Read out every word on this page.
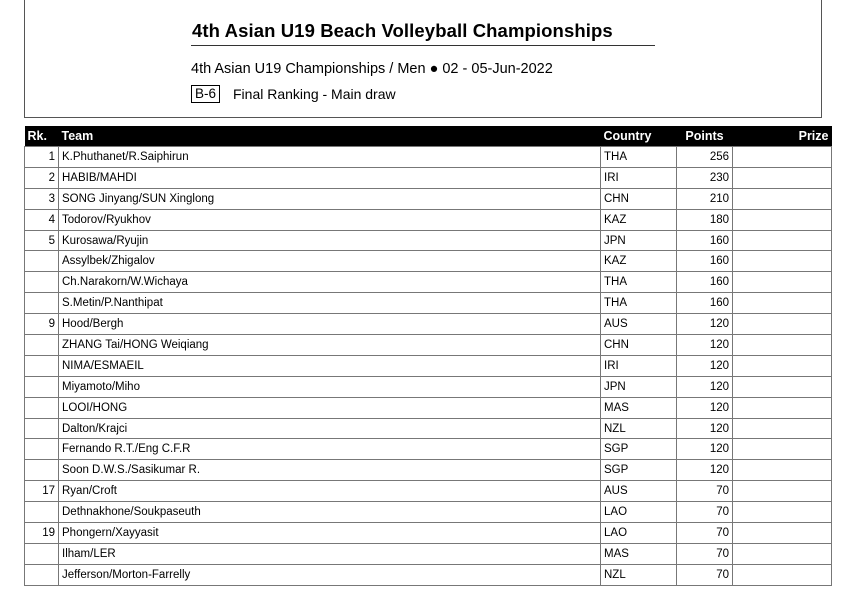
4th Asian U19 Beach Volleyball Championships
4th Asian U19 Championships / Men ● 02 - 05-Jun-2022
B-6 Final Ranking - Main draw
Rk.	Team	Country	Points	Prize
1	K.Phuthanet/R.Saiphirun	THA	256	
2	HABIB/MAHDI	IRI	230	
3	SONG Jinyang/SUN Xinglong	CHN	210	
4	Todorov/Ryukhov	KAZ	180	
5	Kurosawa/Ryujin	JPN	160	
	Assylbek/Zhigalov	KAZ	160	
	Ch.Narakorn/W.Wichaya	THA	160	
	S.Metin/P.Nanthipat	THA	160	
9	Hood/Bergh	AUS	120	
	ZHANG Tai/HONG Weiqiang	CHN	120	
	NIMA/ESMAEIL	IRI	120	
	Miyamoto/Miho	JPN	120	
	LOOI/HONG	MAS	120	
	Dalton/Krajci	NZL	120	
	Fernando R.T./Eng C.F.R	SGP	120	
	Soon D.W.S./Sasikumar R.	SGP	120	
17	Ryan/Croft	AUS	70	
	Dethnakhone/Soukpaseuth	LAO	70	
19	Phongern/Xayyasit	LAO	70	
	Ilham/LER	MAS	70	
	Jefferson/Morton-Farrelly	NZL	70	
